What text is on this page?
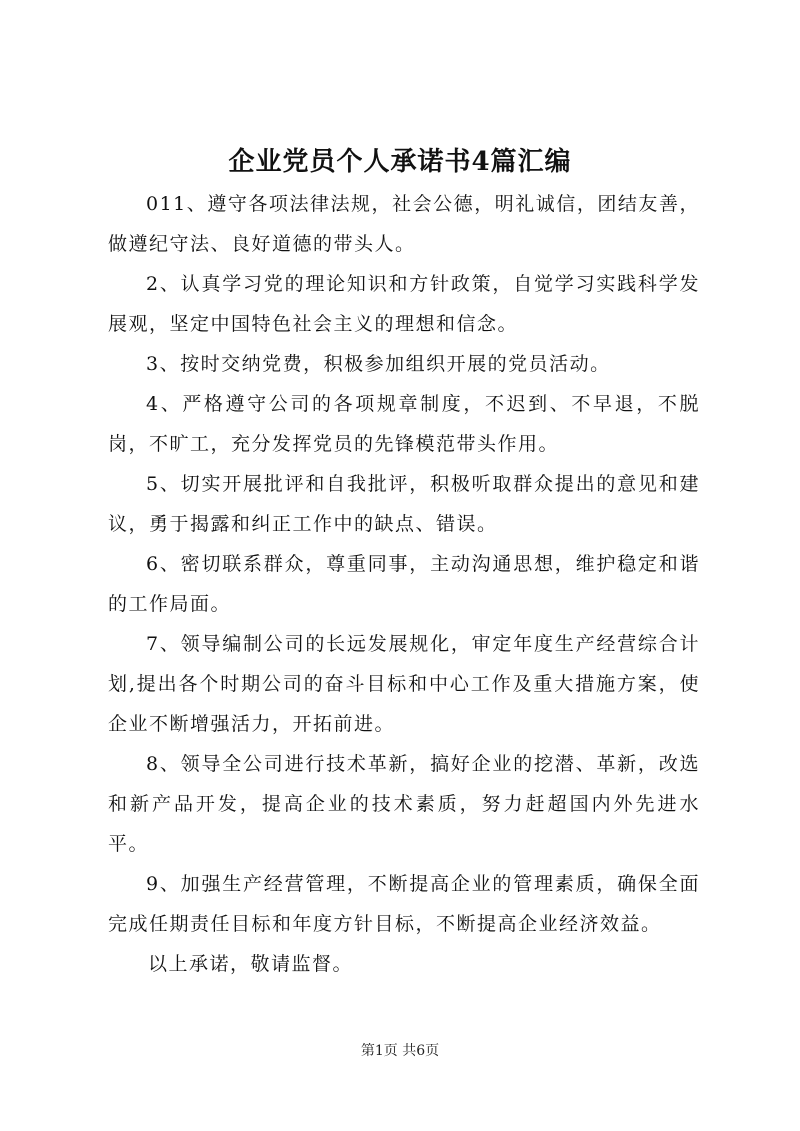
企业党员个人承诺书4篇汇编

011、遵守各项法律法规，社会公德，明礼诚信，团结友善，做遵纪守法、良好道德的带头人。

2、认真学习党的理论知识和方针政策，自觉学习实践科学发展观，坚定中国特色社会主义的理想和信念。

3、按时交纳党费，积极参加组织开展的党员活动。

4、严格遵守公司的各项规章制度，不迟到、不早退，不脱岗，不旷工，充分发挥党员的先锋模范带头作用。

5、切实开展批评和自我批评，积极听取群众提出的意见和建议，勇于揭露和纠正工作中的缺点、错误。

6、密切联系群众，尊重同事，主动沟通思想，维护稳定和谐的工作局面。

7、领导编制公司的长远发展规化，审定年度生产经营综合计划,提出各个时期公司的奋斗目标和中心工作及重大措施方案，使企业不断增强活力，开拓前进。

8、领导全公司进行技术革新，搞好企业的挖潜、革新，改选和新产品开发，提高企业的技术素质，努力赶超国内外先进水平。

9、加强生产经营管理，不断提高企业的管理素质，确保全面完成任期责任目标和年度方针目标，不断提高企业经济效益。

以上承诺，敬请监督。

第1页 共6页
